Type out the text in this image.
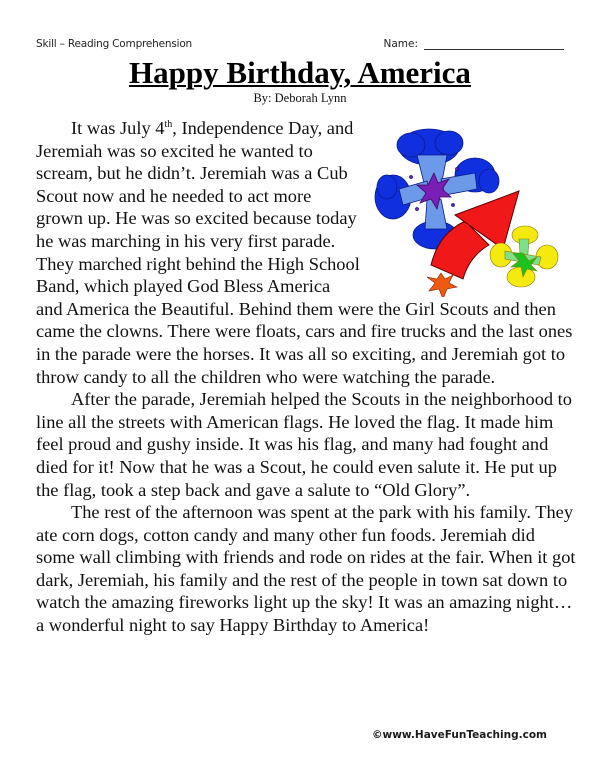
Skill – Reading Comprehension	Name:
Happy Birthday, America
By: Deborah Lynn

It was July 4th, Independence Day, and Jeremiah was so excited he wanted to scream, but he didn’t. Jeremiah was a Cub Scout now and he needed to act more grown up. He was so excited because today he was marching in his very first parade. They marched right behind the High School Band, which played God Bless America and America the Beautiful. Behind them were the Girl Scouts and then came the clowns. There were floats, cars and fire trucks and the last ones in the parade were the horses. It was all so exciting, and Jeremiah got to throw candy to all the children who were watching the parade.

After the parade, Jeremiah helped the Scouts in the neighborhood to line all the streets with American flags. He loved the flag. It made him feel proud and gushy inside. It was his flag, and many had fought and died for it! Now that he was a Scout, he could even salute it. He put up the flag, took a step back and gave a salute to “Old Glory”.

The rest of the afternoon was spent at the park with his family. They ate corn dogs, cotton candy and many other fun foods. Jeremiah did some wall climbing with friends and rode on rides at the fair. When it got dark, Jeremiah, his family and the rest of the people in town sat down to watch the amazing fireworks light up the sky! It was an amazing night…a wonderful night to say Happy Birthday to America!

©www.HaveFunTeaching.com
